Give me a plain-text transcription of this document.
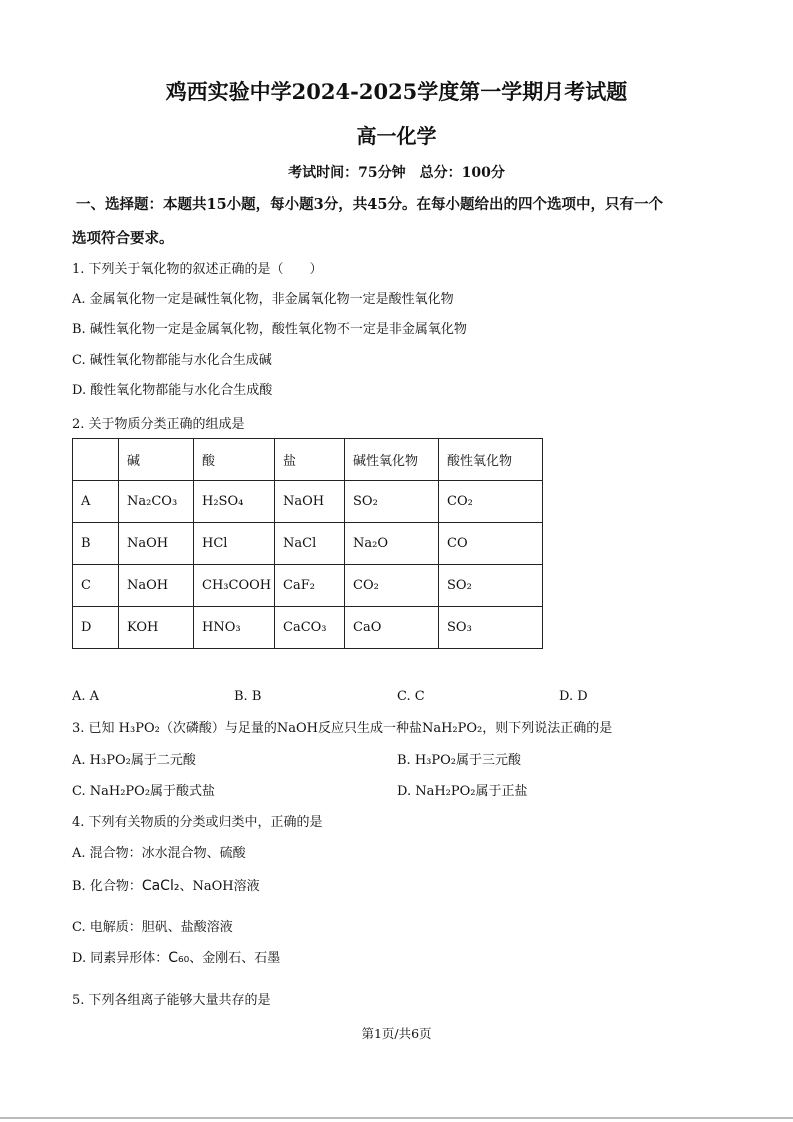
鸡西实验中学2024-2025学度第一学期月考试题
高一化学
考试时间：75分钟　总分：100分
一、选择题：本题共15小题，每小题3分，共45分。在每小题给出的四个选项中，只有一个
选项符合要求。
1. 下列关于氧化物的叙述正确的是（　　）
A. 金属氧化物一定是碱性氧化物，非金属氧化物一定是酸性氧化物
B. 碱性氧化物一定是金属氧化物，酸性氧化物不一定是非金属氧化物
C. 碱性氧化物都能与水化合生成碱
D. 酸性氧化物都能与水化合生成酸
2. 关于物质分类正确的组成是
	碱	酸	盐	碱性氧化物	酸性氧化物
A	Na₂CO₃	H₂SO₄	NaOH	SO₂	CO₂
B	NaOH	HCl	NaCl	Na₂O	CO
C	NaOH	CH₃COOH	CaF₂	CO₂	SO₂
D	KOH	HNO₃	CaCO₃	CaO	SO₃
A. A	B. B	C. C	D. D
3. 已知 H₃PO₂（次磷酸）与足量的NaOH反应只生成一种盐NaH₂PO₂，则下列说法正确的是
A. H₃PO₂属于二元酸	B. H₃PO₂属于三元酸
C. NaH₂PO₂属于酸式盐	D. NaH₂PO₂属于正盐
4. 下列有关物质的分类或归类中，正确的是
A. 混合物：冰水混合物、硫酸
B. 化合物：CaCl₂、NaOH溶液
C. 电解质：胆矾、盐酸溶液
D. 同素异形体：C₆₀、金刚石、石墨
5. 下列各组离子能够大量共存的是
第1页/共6页
